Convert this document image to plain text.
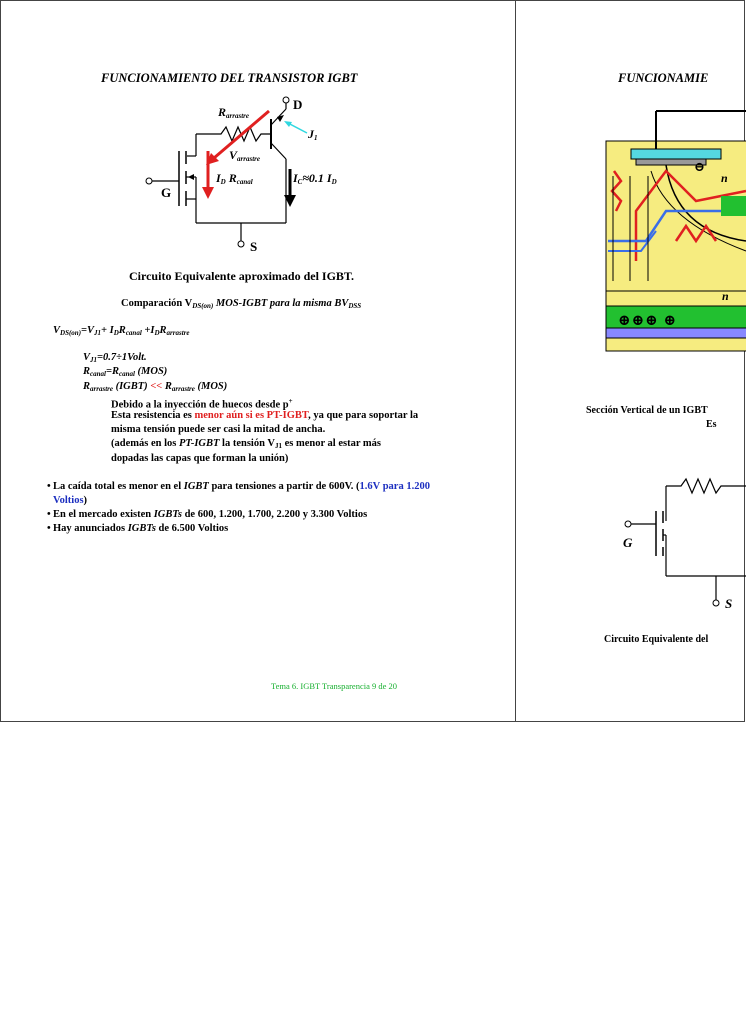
FUNCIONAMIENTO DEL TRANSISTOR IGBT
D
$J_1$
$R_{arrastre}$
$V_{arrastre}$
$I_D$ $R_{canal}$	$I_C\approx 0.1$ $I_D$
G
S
Circuito Equivalente aproximado del IGBT.
Comparación $V_{DS(on)}$ MOS-IGBT para la misma $BV_{DSS}$
$V_{DS(on)}=V_{J1}+ I_DR_{canal} +I_DR_{arrastre}$
$V_{J1}=0.7\div 1Volt$.
$R_{canal}=R_{canal}$ (MOS)
$R_{arrastre}$ (IGBT) << $R_{arrastre}$ (MOS)
Debido a la inyección de huecos desde p+
Esta resistencia es menor aún si es PT-IGBT, ya que para soportar la
misma tensión puede ser casi la mitad de ancha.
(además en los PT-IGBT la tensión $V_{J1}$ es menor al estar más
dopadas las capas que forman la unión)
• La caída total es menor en el IGBT para tensiones a partir de 600V. (1.6V para 1.200 Voltios)
• En el mercado existen IGBTs de 600, 1.200, 1.700, 2.200 y 3.300 Voltios
• Hay anunciados IGBTs de 6.500 Voltios
Tema 6. IGBT Transparencia 9 de 20
FUNCIONAMIE
n
n
⊖
⊕⊕⊕ ⊕
Sección Vertical de un IGBT
Es
G
S
Circuito Equivalente del
